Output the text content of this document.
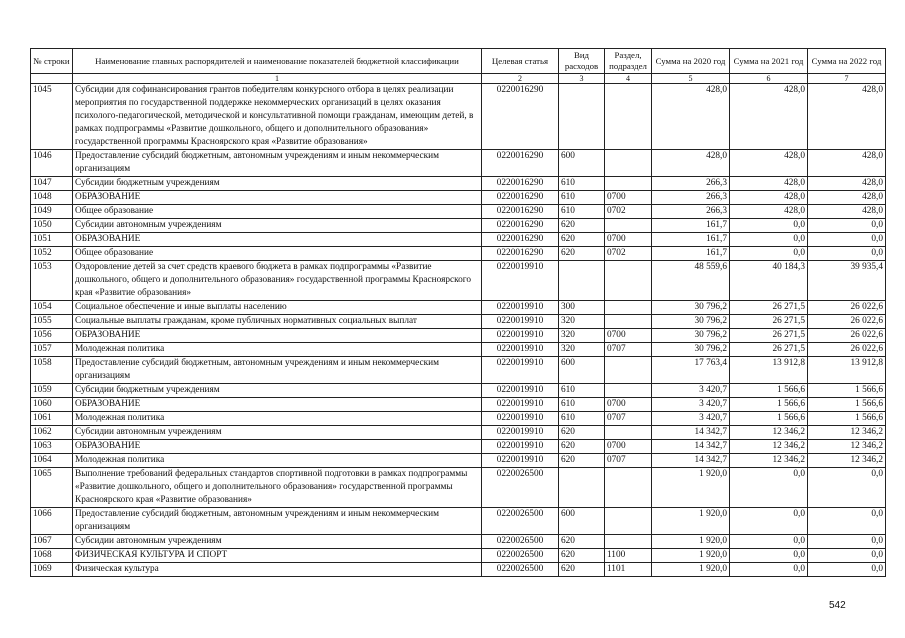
№ строки	Наименование главных распорядителей и наименование показателей бюджетной классификации	Целевая статья	Вид расходов	Раздел, подраздел	Сумма на 2020 год	Сумма на 2021 год	Сумма на 2022 год
	1	2	3	4	5	6	7
1045	Субсидии для софинансирования грантов победителям конкурсного отбора в целях реализации мероприятия по государственной поддержке некоммерческих организаций в целях оказания психолого-педагогической, методической и консультативной помощи гражданам, имеющим детей, в рамках подпрограммы «Развитие дошкольного, общего и дополнительного образования» государственной программы Красноярского края «Развитие образования»	0220016290			428,0	428,0	428,0
1046	Предоставление субсидий бюджетным, автономным учреждениям и иным некоммерческим организациям	0220016290	600		428,0	428,0	428,0
1047	Субсидии бюджетным учреждениям	0220016290	610		266,3	428,0	428,0
1048	ОБРАЗОВАНИЕ	0220016290	610	0700	266,3	428,0	428,0
1049	Общее образование	0220016290	610	0702	266,3	428,0	428,0
1050	Субсидии автономным учреждениям	0220016290	620		161,7	0,0	0,0
1051	ОБРАЗОВАНИЕ	0220016290	620	0700	161,7	0,0	0,0
1052	Общее образование	0220016290	620	0702	161,7	0,0	0,0
1053	Оздоровление детей за счет средств краевого бюджета в рамках подпрограммы «Развитие дошкольного, общего и дополнительного образования» государственной программы Красноярского края «Развитие образования»	0220019910			48 559,6	40 184,3	39 935,4
1054	Социальное обеспечение и иные выплаты населению	0220019910	300		30 796,2	26 271,5	26 022,6
1055	Социальные выплаты гражданам, кроме публичных нормативных социальных выплат	0220019910	320		30 796,2	26 271,5	26 022,6
1056	ОБРАЗОВАНИЕ	0220019910	320	0700	30 796,2	26 271,5	26 022,6
1057	Молодежная политика	0220019910	320	0707	30 796,2	26 271,5	26 022,6
1058	Предоставление субсидий бюджетным, автономным учреждениям и иным некоммерческим организациям	0220019910	600		17 763,4	13 912,8	13 912,8
1059	Субсидии бюджетным учреждениям	0220019910	610		3 420,7	1 566,6	1 566,6
1060	ОБРАЗОВАНИЕ	0220019910	610	0700	3 420,7	1 566,6	1 566,6
1061	Молодежная политика	0220019910	610	0707	3 420,7	1 566,6	1 566,6
1062	Субсидии автономным учреждениям	0220019910	620		14 342,7	12 346,2	12 346,2
1063	ОБРАЗОВАНИЕ	0220019910	620	0700	14 342,7	12 346,2	12 346,2
1064	Молодежная политика	0220019910	620	0707	14 342,7	12 346,2	12 346,2
1065	Выполнение требований федеральных стандартов спортивной подготовки в рамках подпрограммы «Развитие дошкольного, общего и дополнительного образования» государственной программы Красноярского края «Развитие образования»	0220026500			1 920,0	0,0	0,0
1066	Предоставление субсидий бюджетным, автономным учреждениям и иным некоммерческим организациям	0220026500	600		1 920,0	0,0	0,0
1067	Субсидии автономным учреждениям	0220026500	620		1 920,0	0,0	0,0
1068	ФИЗИЧЕСКАЯ КУЛЬТУРА И СПОРТ	0220026500	620	1100	1 920,0	0,0	0,0
1069	Физическая культура	0220026500	620	1101	1 920,0	0,0	0,0
542
